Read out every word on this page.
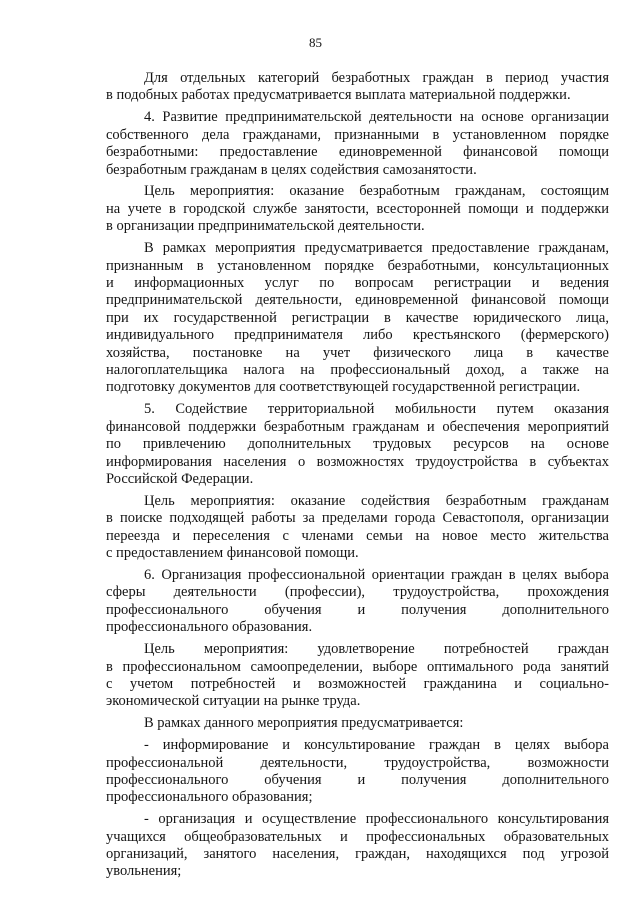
85
Для отдельных категорий безработных граждан в период участия
в подобных работах предусматривается выплата материальной поддержки.
4. Развитие предпринимательской деятельности на основе организации
собственного дела гражданами, признанными в установленном порядке
безработными: предоставление единовременной финансовой помощи
безработным гражданам в целях содействия самозанятости.
Цель мероприятия: оказание безработным гражданам, состоящим
на учете в городской службе занятости, всесторонней помощи и поддержки
в организации предпринимательской деятельности.
В рамках мероприятия предусматривается предоставление гражданам,
признанным в установленном порядке безработными, консультационных
и информационных услуг по вопросам регистрации и ведения
предпринимательской деятельности, единовременной финансовой помощи
при их государственной регистрации в качестве юридического лица,
индивидуального предпринимателя либо крестьянского (фермерского)
хозяйства, постановке на учет физического лица в качестве
налогоплательщика налога на профессиональный доход, а также на
подготовку документов для соответствующей государственной регистрации.
5. Содействие территориальной мобильности путем оказания
финансовой поддержки безработным гражданам и обеспечения мероприятий
по привлечению дополнительных трудовых ресурсов на основе
информирования населения о возможностях трудоустройства в субъектах
Российской Федерации.
Цель мероприятия: оказание содействия безработным гражданам
в поиске подходящей работы за пределами города Севастополя, организации
переезда и переселения с членами семьи на новое место жительства
с предоставлением финансовой помощи.
6. Организация профессиональной ориентации граждан в целях выбора
сферы деятельности (профессии), трудоустройства, прохождения
профессионального обучения и получения дополнительного
профессионального образования.
Цель мероприятия: удовлетворение потребностей граждан
в профессиональном самоопределении, выборе оптимального рода занятий
с учетом потребностей и возможностей гражданина и социально-
экономической ситуации на рынке труда.
В рамках данного мероприятия предусматривается:
- информирование и консультирование граждан в целях выбора
профессиональной деятельности, трудоустройства, возможности
профессионального обучения и получения дополнительного
профессионального образования;
- организация и осуществление профессионального консультирования
учащихся общеобразовательных и профессиональных образовательных
организаций, занятого населения, граждан, находящихся под угрозой
увольнения;
